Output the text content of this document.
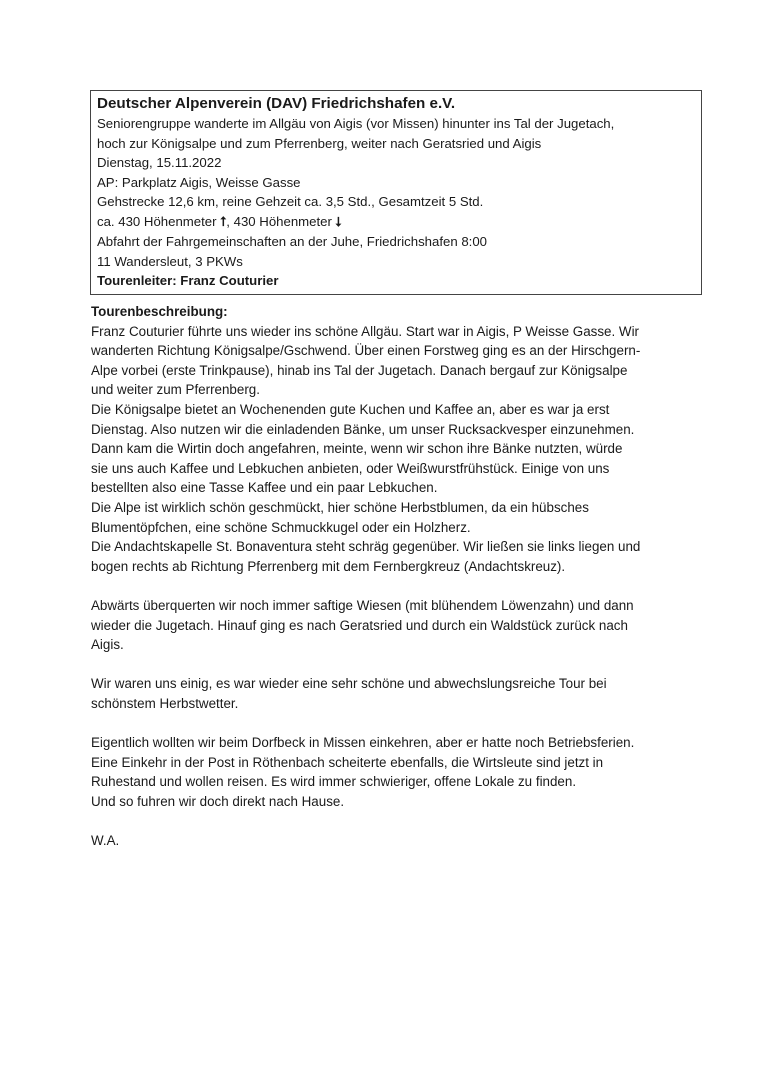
Deutscher Alpenverein (DAV) Friedrichshafen e.V.
Seniorengruppe wanderte im Allgäu von Aigis (vor Missen) hinunter ins Tal der Jugetach,
hoch zur Königsalpe und zum Pferrenberg, weiter nach Geratsried und Aigis
Dienstag, 15.11.2022
AP: Parkplatz Aigis, Weisse Gasse
Gehstrecke 12,6 km, reine Gehzeit ca. 3,5 Std., Gesamtzeit 5 Std.
ca. 430 Höhenmeter ⭡, 430 Höhenmeter ⭣
Abfahrt der Fahrgemeinschaften an der Juhe, Friedrichshafen 8:00
11 Wandersleut, 3 PKWs
Tourenleiter: Franz Couturier
Tourenbeschreibung:

Franz Couturier führte uns wieder ins schöne Allgäu. Start war in Aigis, P Weisse Gasse. Wir
wanderten Richtung Königsalpe/Gschwend. Über einen Forstweg ging es an der Hirschgern-
Alpe vorbei (erste Trinkpause), hinab ins Tal der Jugetach. Danach bergauf zur Königsalpe
und weiter zum Pferrenberg.
Die Königsalpe bietet an Wochenenden gute Kuchen und Kaffee an, aber es war ja erst
Dienstag. Also nutzen wir die einladenden Bänke, um unser Rucksackvesper einzunehmen.
Dann kam die Wirtin doch angefahren, meinte, wenn wir schon ihre Bänke nutzten, würde
sie uns auch Kaffee und Lebkuchen anbieten, oder Weißwurstfrühstück. Einige von uns
bestellten also eine Tasse Kaffee und ein paar Lebkuchen.
Die Alpe ist wirklich schön geschmückt, hier schöne Herbstblumen, da ein hübsches
Blumentöpfchen, eine schöne Schmuckkugel oder ein Holzherz.
Die Andachtskapelle St. Bonaventura steht schräg gegenüber. Wir ließen sie links liegen und
bogen rechts ab Richtung Pferrenberg mit dem Fernbergkreuz (Andachtskreuz).

Abwärts überquerten wir noch immer saftige Wiesen (mit blühendem Löwenzahn) und dann
wieder die Jugetach. Hinauf ging es nach Geratsried und durch ein Waldstück zurück nach
Aigis.

Wir waren uns einig, es war wieder eine sehr schöne und abwechslungsreiche Tour bei
schönstem Herbstwetter.

Eigentlich wollten wir beim Dorfbeck in Missen einkehren, aber er hatte noch Betriebsferien.
Eine Einkehr in der Post in Röthenbach scheiterte ebenfalls, die Wirtsleute sind jetzt in
Ruhestand und wollen reisen. Es wird immer schwieriger, offene Lokale zu finden.
Und so fuhren wir doch direkt nach Hause.

W.A.
